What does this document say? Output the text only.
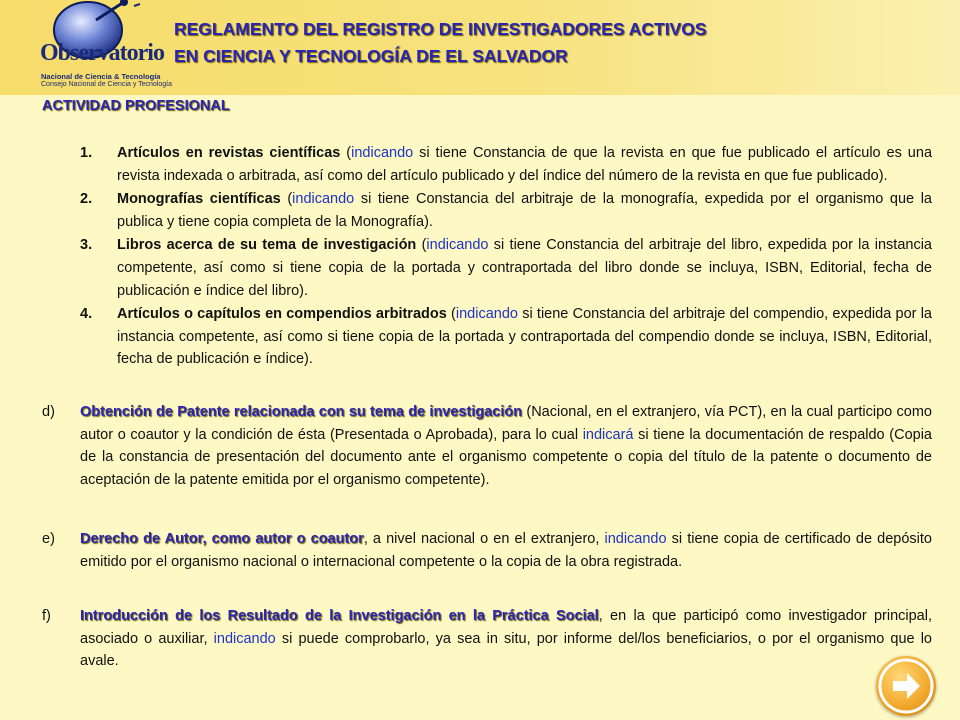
Observatorio
Nacional de Ciencia & Tecnología
Consejo Nacional de Ciencia y Tecnología
REGLAMENTO DEL REGISTRO DE INVESTIGADORES ACTIVOS
EN CIENCIA Y TECNOLOGÍA DE EL SALVADOR
ACTIVIDAD PROFESIONAL
1. Artículos en revistas científicas (indicando si tiene Constancia de que la revista en que fue publicado el artículo es una revista indexada o arbitrada, así como del artículo publicado y del índice del número de la revista en que fue publicado).
2. Monografías científicas (indicando si tiene Constancia del arbitraje de la monografía, expedida por el organismo que la publica y tiene copia completa de la Monografía).
3. Libros acerca de su tema de investigación (indicando si tiene Constancia del arbitraje del libro, expedida por la instancia competente, así como si tiene copia de la portada y contraportada del libro donde se incluya, ISBN, Editorial, fecha de publicación e índice del libro).
4. Artículos o capítulos en compendios arbitrados (indicando si tiene Constancia del arbitraje del compendio, expedida por la instancia competente, así como si tiene copia de la portada y contraportada del compendio donde se incluya, ISBN, Editorial, fecha de publicación e índice).
d) Obtención de Patente relacionada con su tema de investigación (Nacional, en el extranjero, vía PCT), en la cual participo como autor o coautor y la condición de ésta (Presentada o Aprobada), para lo cual indicará si tiene la documentación de respaldo (Copia de la constancia de presentación del documento ante el organismo competente o copia del título de la patente o documento de aceptación de la patente emitida por el organismo competente).
e) Derecho de Autor, como autor o coautor, a nivel nacional o en el extranjero, indicando si tiene copia de certificado de depósito emitido por el organismo nacional o internacional competente o la copia de la obra registrada.
f) Introducción de los Resultado de la Investigación en la Práctica Social, en la que participó como investigador principal, asociado o auxiliar, indicando si puede comprobarlo, ya sea in situ, por informe del/los beneficiarios, o por el organismo que lo avale.
